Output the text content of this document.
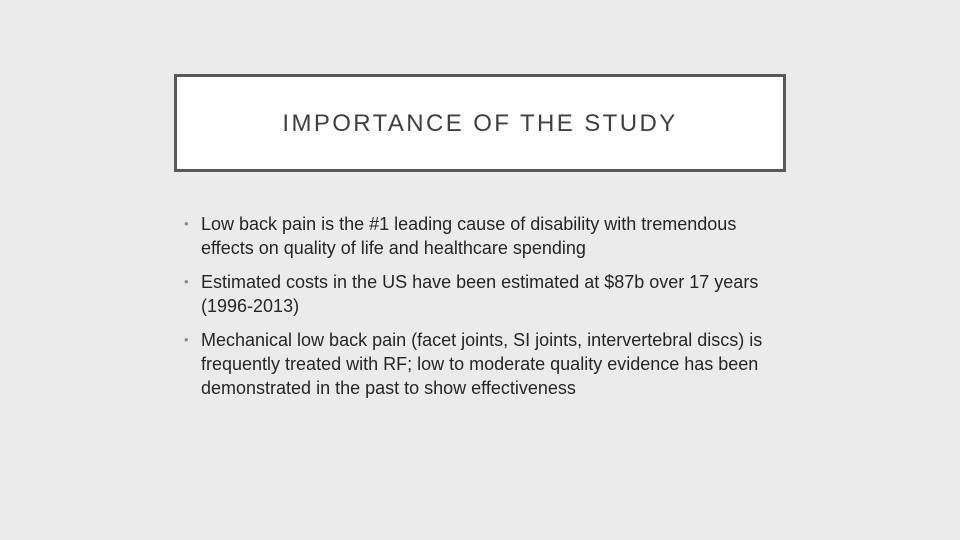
IMPORTANCE OF THE STUDY
• Low back pain is the #1 leading cause of disability with tremendous effects on quality of life and healthcare spending
• Estimated costs in the US have been estimated at $87b over 17 years (1996-2013)
• Mechanical low back pain (facet joints, SI joints, intervertebral discs) is frequently treated with RF; low to moderate quality evidence has been demonstrated in the past to show effectiveness
